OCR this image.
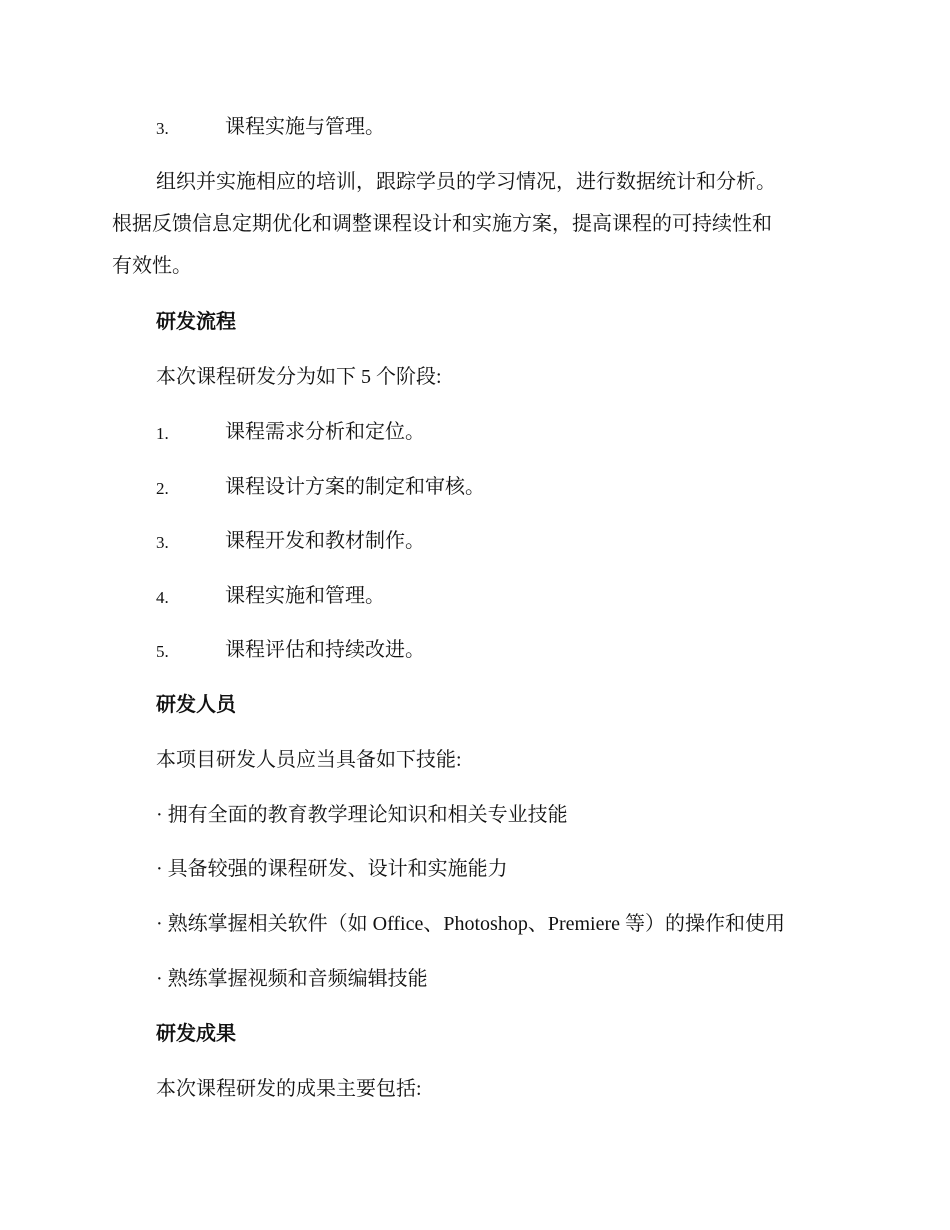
3.	课程实施与管理。
组织并实施相应的培训，跟踪学员的学习情况，进行数据统计和分析。
根据反馈信息定期优化和调整课程设计和实施方案，提高课程的可持续性和
有效性。
研发流程
本次课程研发分为如下 5 个阶段:
1.	课程需求分析和定位。
2.	课程设计方案的制定和审核。
3.	课程开发和教材制作。
4.	课程实施和管理。
5.	课程评估和持续改进。
研发人员
本项目研发人员应当具备如下技能:
· 拥有全面的教育教学理论知识和相关专业技能
· 具备较强的课程研发、设计和实施能力
· 熟练掌握相关软件（如 Office、Photoshop、Premiere 等）的操作和使用
· 熟练掌握视频和音频编辑技能
研发成果
本次课程研发的成果主要包括:
